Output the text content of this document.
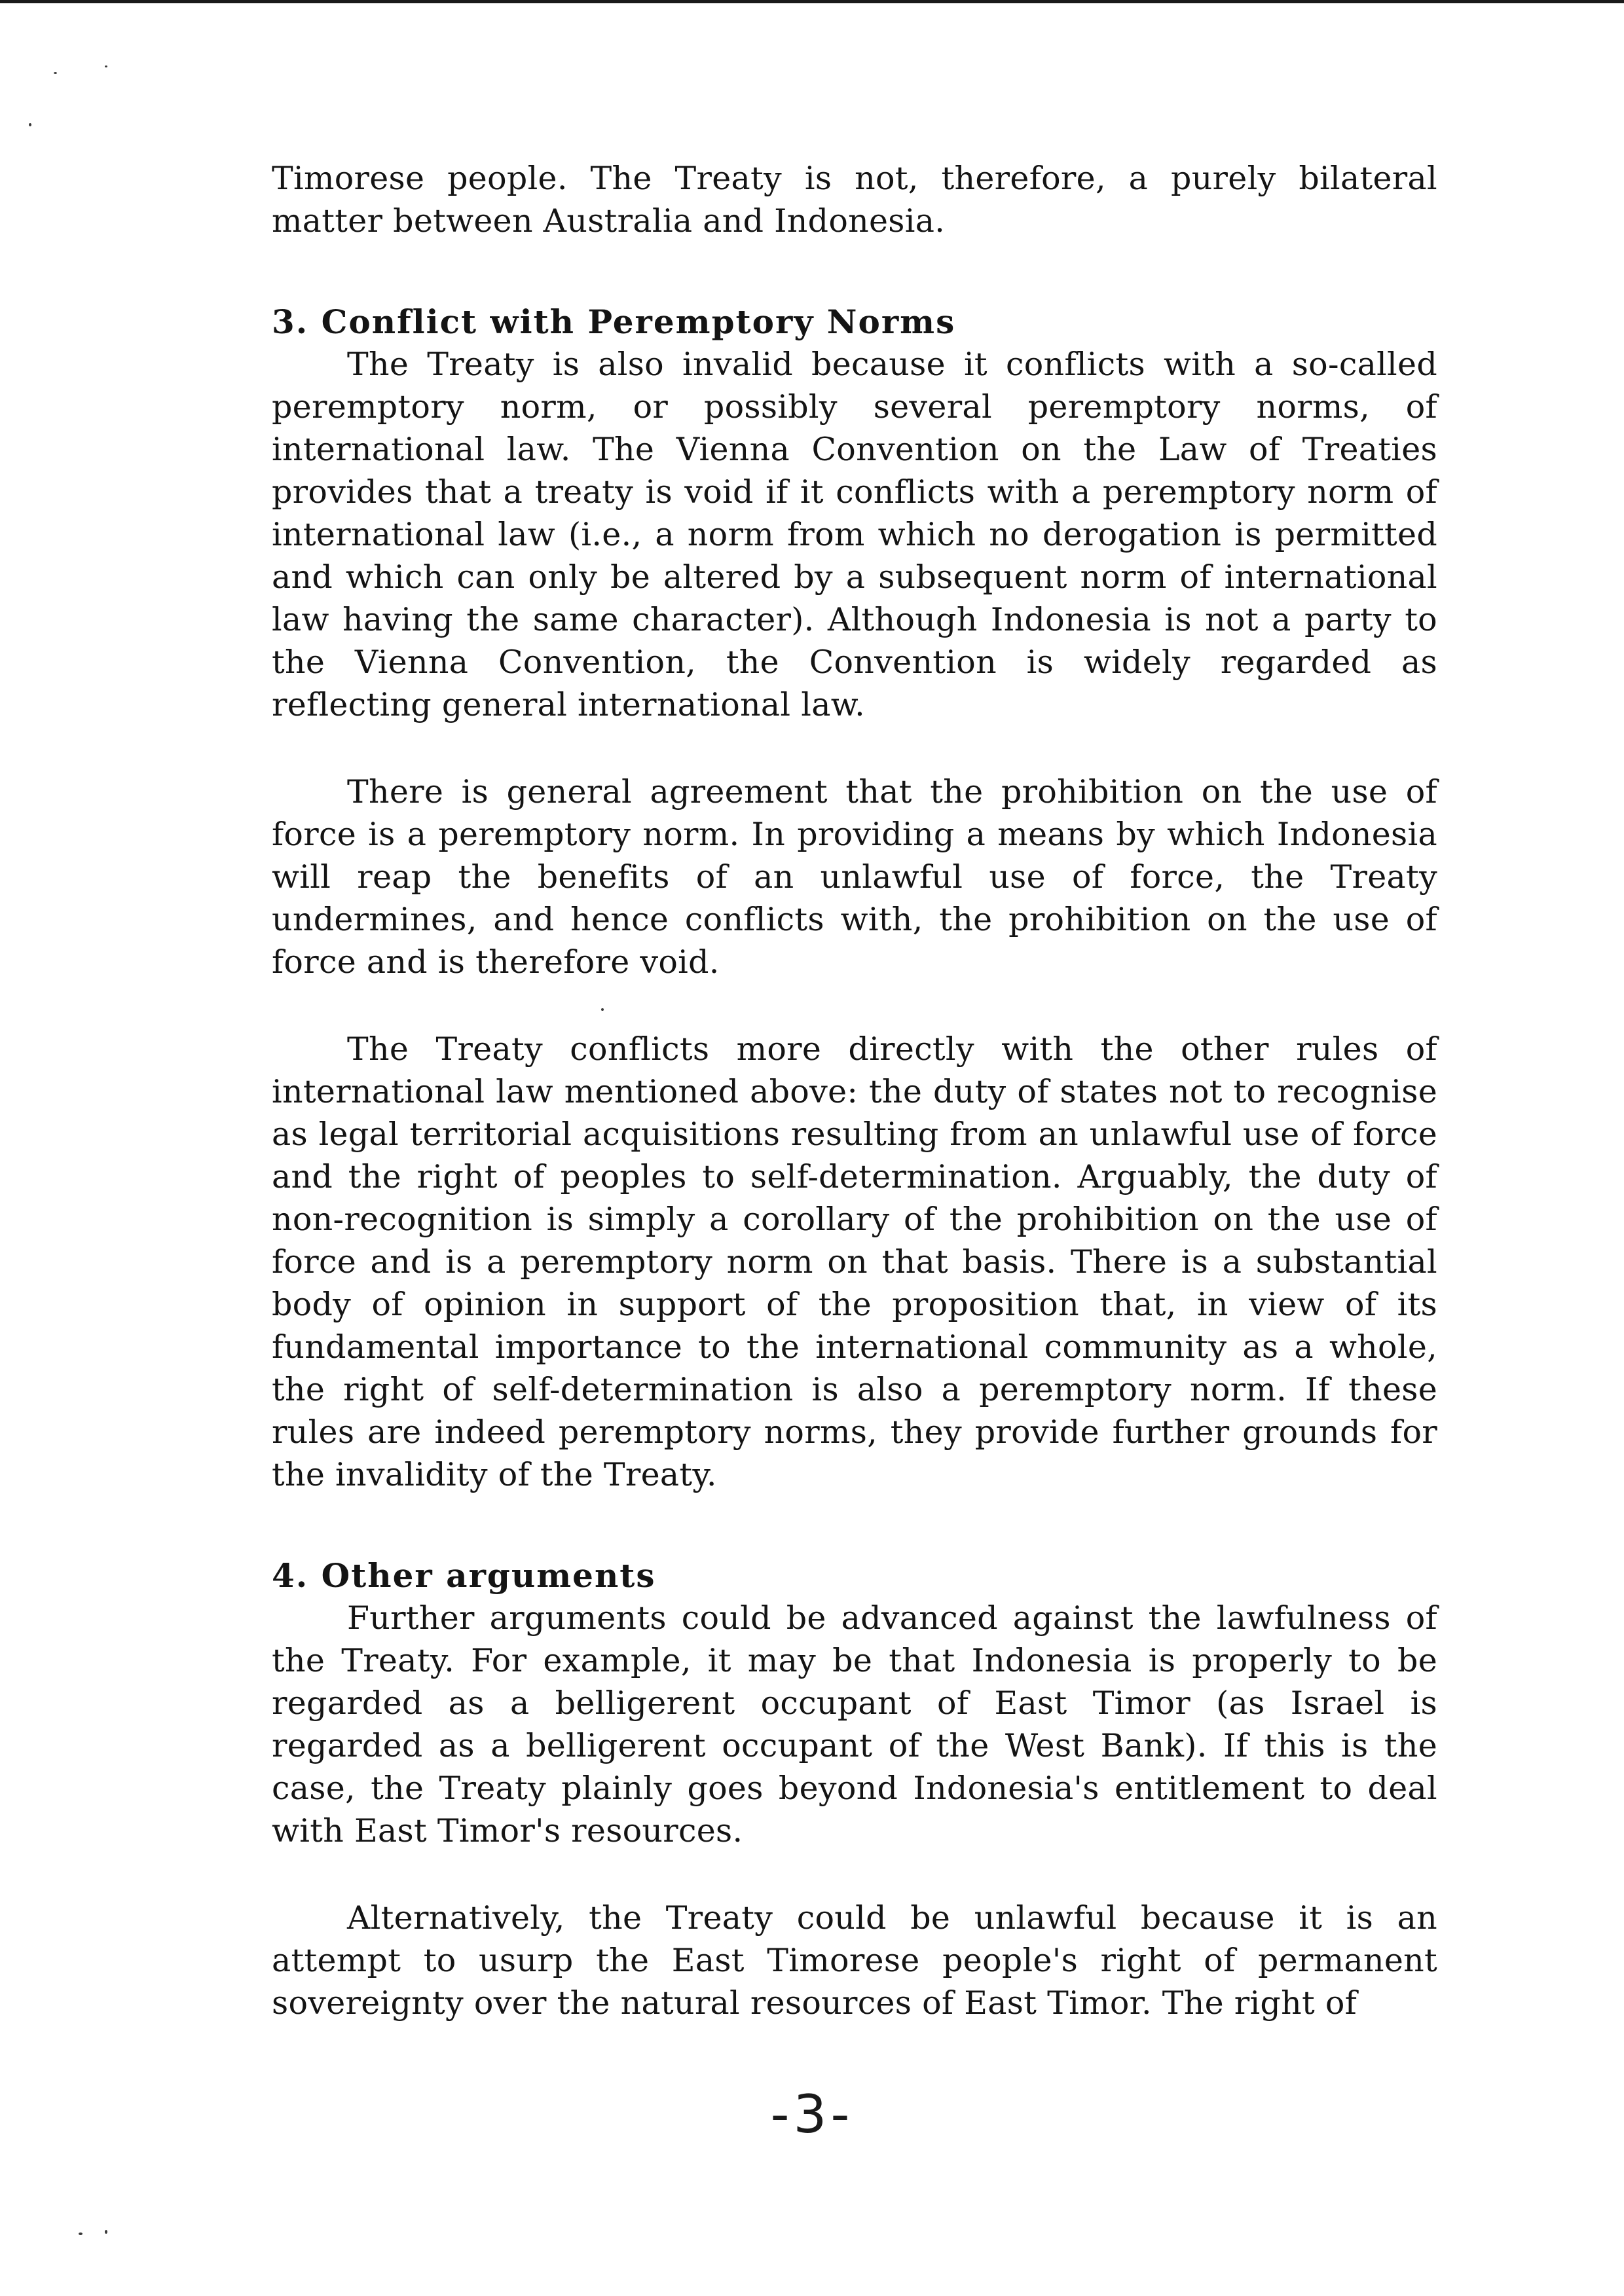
Timorese people. The Treaty is not, therefore, a purely bilateral matter between Australia and Indonesia.

3. Conflict with Peremptory Norms

The Treaty is also invalid because it conflicts with a so-called peremptory norm, or possibly several peremptory norms, of international law. The Vienna Convention on the Law of Treaties provides that a treaty is void if it conflicts with a peremptory norm of international law (i.e., a norm from which no derogation is permitted and which can only be altered by a subsequent norm of international law having the same character). Although Indonesia is not a party to the Vienna Convention, the Convention is widely regarded as reflecting general international law.

There is general agreement that the prohibition on the use of force is a peremptory norm. In providing a means by which Indonesia will reap the benefits of an unlawful use of force, the Treaty undermines, and hence conflicts with, the prohibition on the use of force and is therefore void.

The Treaty conflicts more directly with the other rules of international law mentioned above: the duty of states not to recognise as legal territorial acquisitions resulting from an unlawful use of force and the right of peoples to self-determination. Arguably, the duty of non-recognition is simply a corollary of the prohibition on the use of force and is a peremptory norm on that basis. There is a substantial body of opinion in support of the proposition that, in view of its fundamental importance to the international community as a whole, the right of self-determination is also a peremptory norm. If these rules are indeed peremptory norms, they provide further grounds for the invalidity of the Treaty.

4. Other arguments

Further arguments could be advanced against the lawfulness of the Treaty. For example, it may be that Indonesia is properly to be regarded as a belligerent occupant of East Timor (as Israel is regarded as a belligerent occupant of the West Bank). If this is the case, the Treaty plainly goes beyond Indonesia's entitlement to deal with East Timor's resources.

Alternatively, the Treaty could be unlawful because it is an attempt to usurp the East Timorese people's right of permanent sovereignty over the natural resources of East Timor. The right of

-3-
